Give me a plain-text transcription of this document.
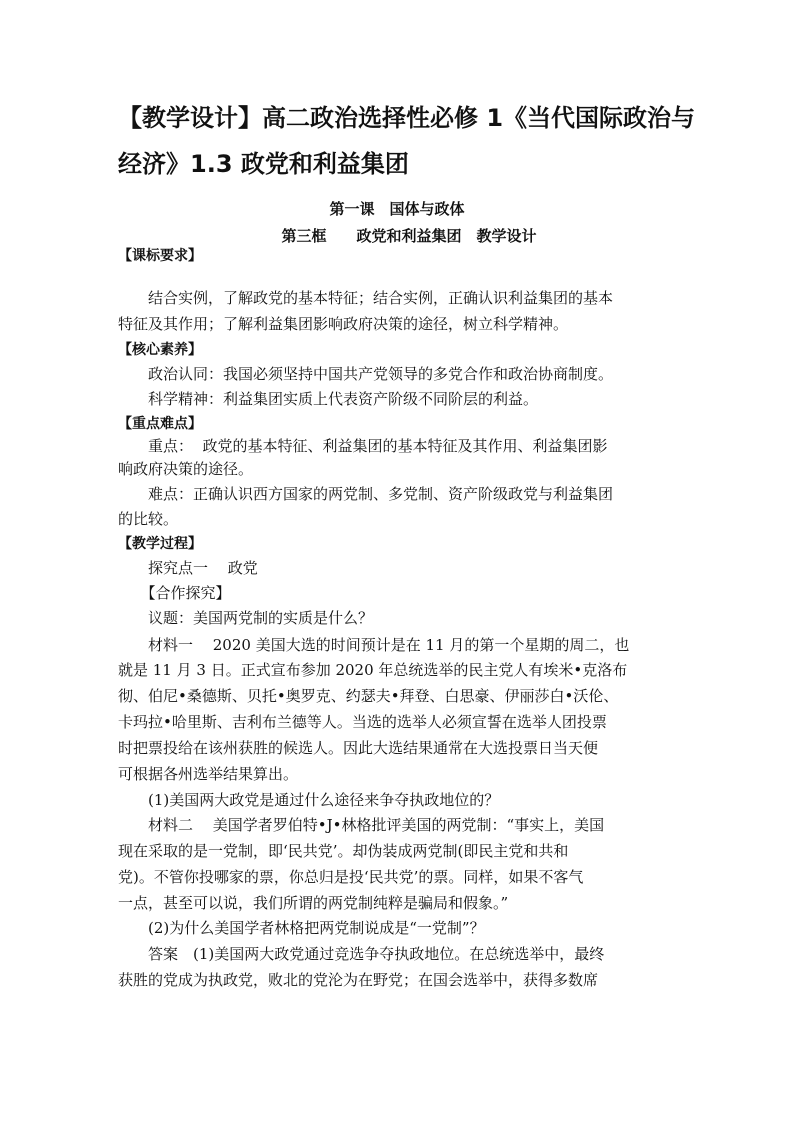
【教学设计】高二政治选择性必修 1《当代国际政治与
经济》1.3 政党和利益集团
第一课　国体与政体
第三框　　政党和利益集团　教学设计
【课标要求】
　　结合实例，了解政党的基本特征；结合实例，正确认识利益集团的基本
特征及其作用；了解利益集团影响政府决策的途径，树立科学精神。
【核心素养】
　　政治认同：我国必须坚持中国共产党领导的多党合作和政治协商制度。
　　科学精神：利益集团实质上代表资产阶级不同阶层的利益。
【重点难点】
　　重点：  政党的基本特征、利益集团的基本特征及其作用、利益集团影
响政府决策的途径。
　　难点：正确认识西方国家的两党制、多党制、资产阶级政党与利益集团
的比较。
【教学过程】
　　探究点一　 政党
　　【合作探究】
　　议题：美国两党制的实质是什么？
　　材料一　 2020 美国大选的时间预计是在 11 月的第一个星期的周二，也
就是 11 月 3 日。正式宣布参加 2020 年总统选举的民主党人有埃米•克洛布
彻、伯尼•桑德斯、贝托•奥罗克、约瑟夫•拜登、白思豪、伊丽莎白•沃伦、
卡玛拉•哈里斯、吉利布兰德等人。当选的选举人必须宣誓在选举人团投票
时把票投给在该州获胜的候选人。因此大选结果通常在大选投票日当天便
可根据各州选举结果算出。
　　(1)美国两大政党是通过什么途径来争夺执政地位的？
　　材料二　 美国学者罗伯特•J•林格批评美国的两党制：“事实上，美国
现在采取的是一党制，即‘民共党’。却伪装成两党制(即民主党和共和
党)。不管你投哪家的票，你总归是投‘民共党’的票。同样，如果不客气
一点，甚至可以说，我们所谓的两党制纯粹是骗局和假象。”
　　(2)为什么美国学者林格把两党制说成是“一党制”？
　　答案　(1)美国两大政党通过竞选争夺执政地位。在总统选举中，最终
获胜的党成为执政党，败北的党沦为在野党；在国会选举中，获得多数席
